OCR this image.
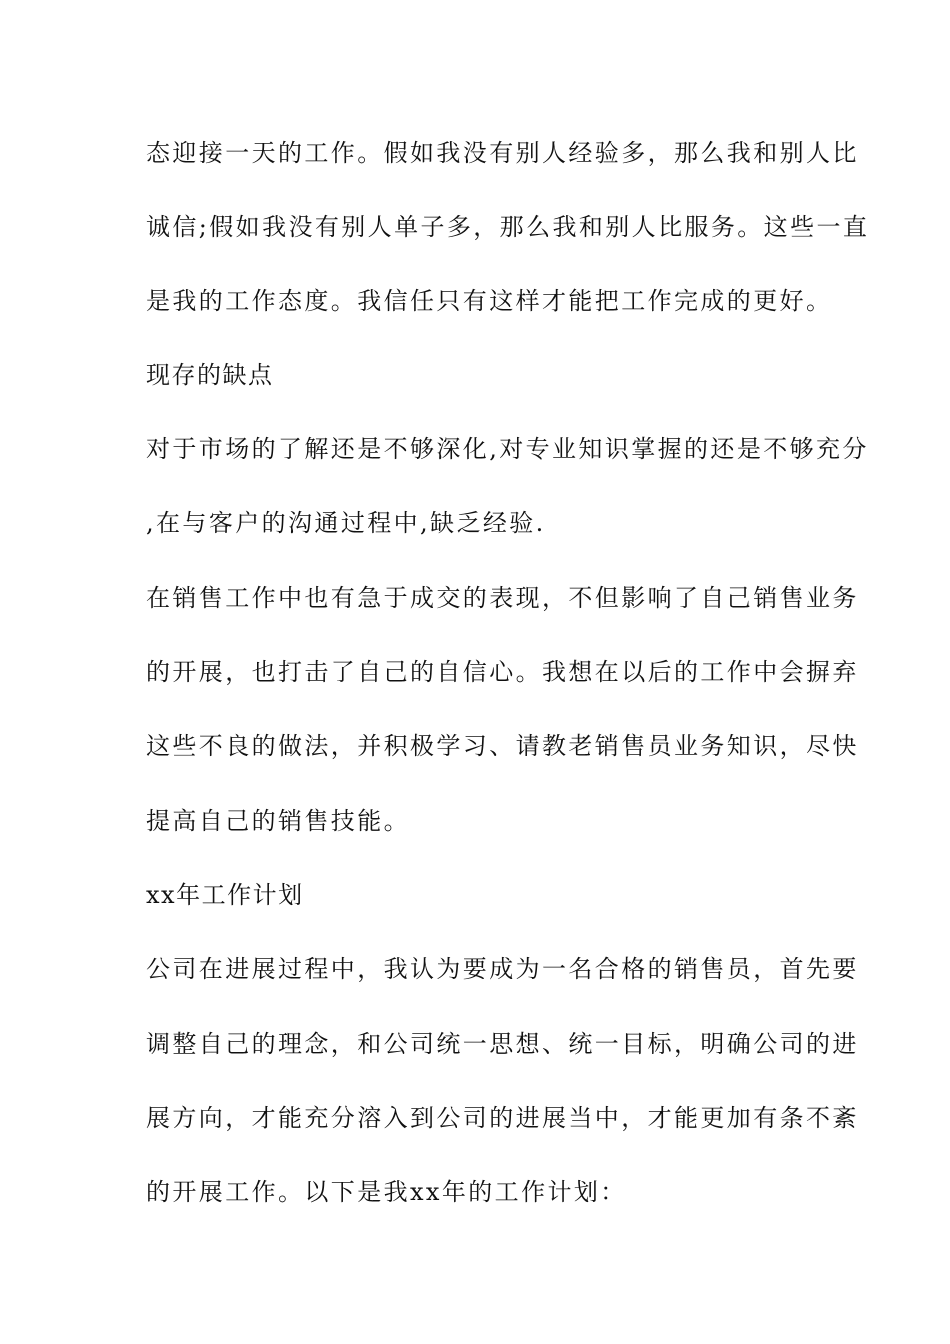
态迎接一天的工作。假如我没有别人经验多，那么我和别人比
诚信;假如我没有别人单子多，那么我和别人比服务。这些一直
是我的工作态度。我信任只有这样才能把工作完成的更好。
现存的缺点
对于市场的了解还是不够深化,对专业知识掌握的还是不够充分
,在与客户的沟通过程中,缺乏经验.
在销售工作中也有急于成交的表现，不但影响了自己销售业务
的开展，也打击了自己的自信心。我想在以后的工作中会摒弃
这些不良的做法，并积极学习、请教老销售员业务知识，尽快
提高自己的销售技能。
xx年工作计划
公司在进展过程中，我认为要成为一名合格的销售员，首先要
调整自己的理念，和公司统一思想、统一目标，明确公司的进
展方向，才能充分溶入到公司的进展当中，才能更加有条不紊
的开展工作。以下是我xx年的工作计划：
